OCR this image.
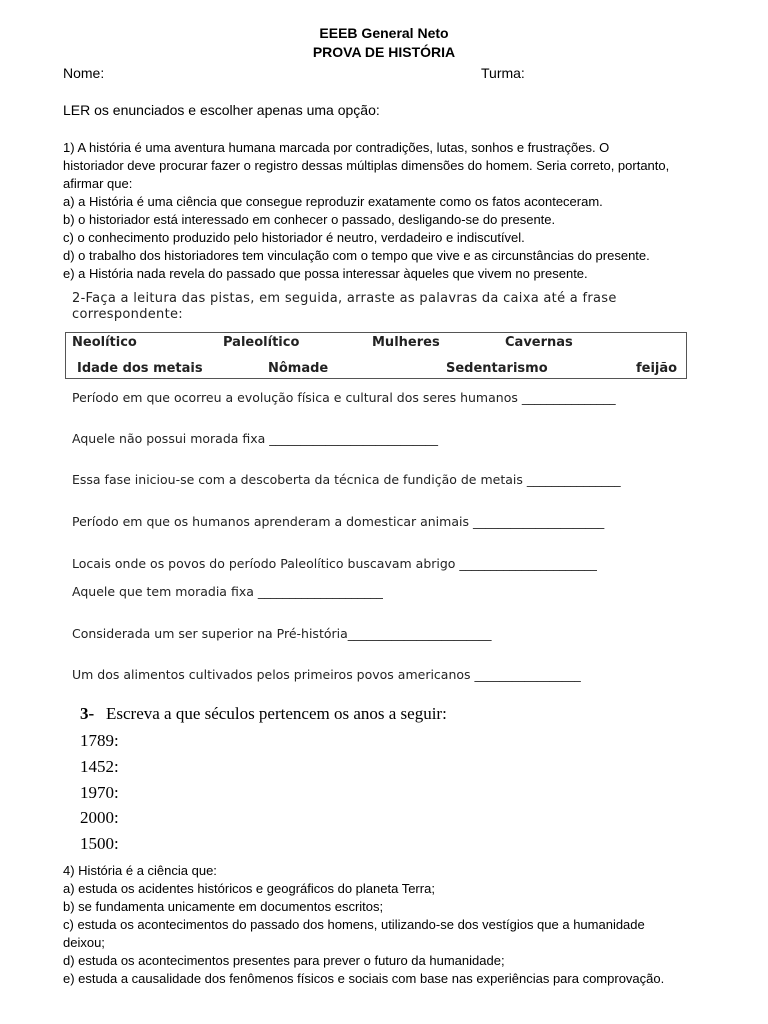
EEEB General Neto
PROVA DE HISTÓRIA
Nome:	Turma:
LER os enunciados e escolher apenas uma opção:
1) A história é uma aventura humana marcada por contradições, lutas, sonhos e frustrações. O
historiador deve procurar fazer o registro dessas múltiplas dimensões do homem. Seria correto, portanto,
afirmar que:
a) a História é uma ciência que consegue reproduzir exatamente como os fatos aconteceram.
b) o historiador está interessado em conhecer o passado, desligando-se do presente.
c) o conhecimento produzido pelo historiador é neutro, verdadeiro e indiscutível.
d) o trabalho dos historiadores tem vinculação com o tempo que vive e as circunstâncias do presente.
e) a História nada revela do passado que possa interessar àqueles que vivem no presente.
2-Faça a leitura das pistas, em seguida, arraste as palavras da caixa até a frase
correspondente:
Neolítico	Paleolítico	Mulheres	Cavernas
Idade dos metais	Nômade	Sedentarismo	feijão
Período em que ocorreu a evolução física e cultural dos seres humanos _______________
Aquele não possui morada fixa ___________________________
Essa fase iniciou-se com a descoberta da técnica de fundição de metais _______________
Período em que os humanos aprenderam a domesticar animais _____________________
Locais onde os povos do período Paleolítico buscavam abrigo ______________________
Aquele que tem moradia fixa ____________________
Considerada um ser superior na Pré-história_______________________
Um dos alimentos cultivados pelos primeiros povos americanos _________________
3- Escreva a que séculos pertencem os anos a seguir:
1789:
1452:
1970:
2000:
1500:
4) História é a ciência que:
a) estuda os acidentes históricos e geográficos do planeta Terra;
b) se fundamenta unicamente em documentos escritos;
c) estuda os acontecimentos do passado dos homens, utilizando-se dos vestígios que a humanidade
deixou;
d) estuda os acontecimentos presentes para prever o futuro da humanidade;
e) estuda a causalidade dos fenômenos físicos e sociais com base nas experiências para comprovação.
